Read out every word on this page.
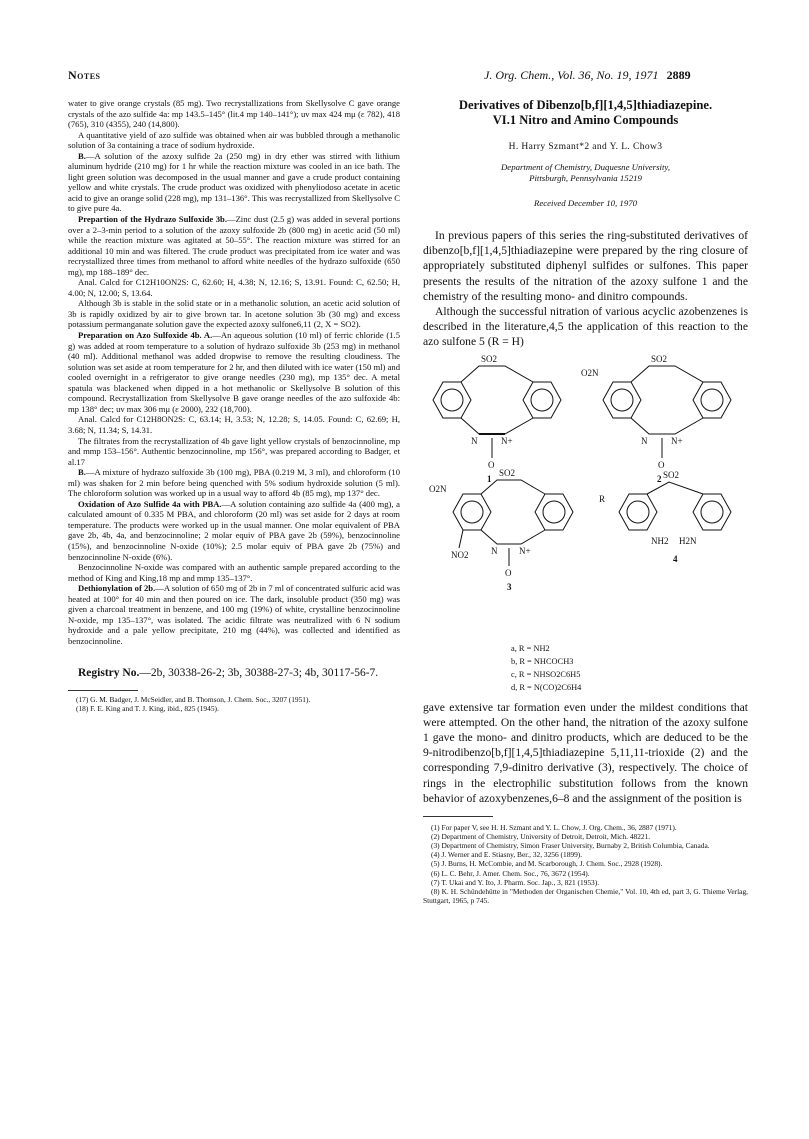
Notes	J. Org. Chem., Vol. 36, No. 19, 1971 2889

water to give orange crystals (85 mg). Two recrystallizations from Skellysolve C gave orange crystals of the azo sulfide 4a: mp 143.5–145° (lit.4 mp 140–141°); uv max 424 mμ (ε 782), 418 (765), 310 (4355), 240 (14,800).

A quantitative yield of azo sulfide was obtained when air was bubbled through a methanolic solution of 3a containing a trace of sodium hydroxide.

B.—A solution of the azoxy sulfide 2a (250 mg) in dry ether was stirred with lithium aluminum hydride (210 mg) for 1 hr while the reaction mixture was cooled in an ice bath. The light green solution was decomposed in the usual manner and gave a crude product containing yellow and white crystals. The crude product was oxidized with phenyliodoso acetate in acetic acid to give an orange solid (228 mg), mp 131–136°. This was recrystallized from Skellysolve C to give pure 4a.

Prepartion of the Hydrazo Sulfoxide 3b.—Zinc dust (2.5 g) was added in several portions over a 2–3-min period to a solution of the azoxy sulfoxide 2b (800 mg) in acetic acid (50 ml) while the reaction mixture was agitated at 50–55°. The reaction mixture was stirred for an additional 10 min and was filtered. The crude product was precipitated from ice water and was recrystallized three times from methanol to afford white needles of the hydrazo sulfoxide (650 mg), mp 188–189° dec.

Anal. Calcd for C12H10ON2S: C, 62.60; H, 4.38; N, 12.16; S, 13.91. Found: C, 62.50; H, 4.00; N, 12.00; S, 13.64.

Although 3b is stable in the solid state or in a methanolic solution, an acetic acid solution of 3b is rapidly oxidized by air to give brown tar. In acetone solution 3b (30 mg) and excess potassium permanganate solution gave the expected azoxy sulfone6,11 (2, X = SO2).

Preparation on Azo Sulfoxide 4b. A.—An aqueous solution (10 ml) of ferric chloride (1.5 g) was added at room temperature to a solution of hydrazo sulfoxide 3b (253 mg) in methanol (40 ml). Additional methanol was added dropwise to remove the resulting cloudiness. The solution was set aside at room temperature for 2 hr, and then diluted with ice water (150 ml) and cooled overnight in a refrigerator to give orange needles (230 mg), mp 135° dec. A metal spatula was blackened when dipped in a hot methanolic or Skellysolve B solution of this compound. Recrystallization from Skellysolve B gave orange needles of the azo sulfoxide 4b: mp 138° dec; uv max 306 mμ (ε 2000), 232 (18,700).

Anal. Calcd for C12H8ON2S: C, 63.14; H, 3.53; N, 12.28; S, 14.05. Found: C, 62.69; H, 3.68; N, 11.34; S, 14.31.

The filtrates from the recrystallization of 4b gave light yellow crystals of benzocinnoline, mp and mmp 153–156°. Authentic benzocinnoline, mp 156°, was prepared according to Badger, et al.17

B.—A mixture of hydrazo sulfoxide 3b (100 mg), PBA (0.219 M, 3 ml), and chloroform (10 ml) was shaken for 2 min before being quenched with 5% sodium hydroxide solution (5 ml). The chloroform solution was worked up in a usual way to afford 4b (85 mg), mp 137° dec.

Oxidation of Azo Sulfide 4a with PBA.—A solution containing azo sulfide 4a (400 mg), a calculated amount of 0.335 M PBA, and chloroform (20 ml) was set aside for 2 days at room temperature. The products were worked up in the usual manner. One molar equivalent of PBA gave 2b, 4b, 4a, and benzocinnoline; 2 molar equiv of PBA gave 2b (59%), benzocinnoline (15%), and benzocinnoline N-oxide (10%); 2.5 molar equiv of PBA gave 2b (75%) and benzocinnoline N-oxide (6%).

Benzocinnoline N-oxide was compared with an authentic sample prepared according to the method of King and King,18 mp and mmp 135–137°.

Dethionylation of 2b.—A solution of 650 mg of 2b in 7 ml of concentrated sulfuric acid was heated at 100° for 40 min and then poured on ice. The dark, insoluble product (350 mg) was given a charcoal treatment in benzene, and 100 mg (19%) of white, crystalline benzocinnoline N-oxide, mp 135–137°, was isolated. The acidic filtrate was neutralized with 6 N sodium hydroxide and a pale yellow precipitate, 210 mg (44%), was collected and identified as benzocinnoline.

Registry No.—2b, 30338-26-2; 3b, 30388-27-3; 4b, 30117-56-7.

(17) G. M. Badger, J. McSeidler, and B. Thomson, J. Chem. Soc., 3207 (1951).

(18) F. E. King and T. J. King, ibid., 825 (1945).

Derivatives of Dibenzo[b,f][1,4,5]thiadiazepine.

VI.1 Nitro and Amino Compounds

H. Harry Szmant*2 and Y. L. Chow3

Department of Chemistry, Duquesne University,
Pittsburgh, Pennsylvania 15219

Received December 10, 1970

In previous papers of this series the ring-substituted derivatives of dibenzo[b,f][1,4,5]thiadiazepine were prepared by the ring closure of appropriately substituted diphenyl sulfides or sulfones. This paper presents the results of the nitration of the azoxy sulfone 1 and the chemistry of the resulting mono- and dinitro compounds.

Although the successful nitration of various acyclic azobenzenes is described in the literature,4,5 the application of this reaction to the azo sulfone 5 (R = H)

SO2
N	N+
O
1
O2N
SO2
N	N+
O
2
O2N
SO2
NO2	N N+
O
3
R
SO2
NH2 H2N
4
a, R = NH2
b, R = NHCOCH3
c, R = NHSO2C6H5
d, R = N(CO)2C6H4

gave extensive tar formation even under the mildest conditions that were attempted. On the other hand, the nitration of the azoxy sulfone 1 gave the mono- and dinitro products, which are deduced to be the 9-nitrodibenzo[b,f][1,4,5]thiadiazepine 5,11,11-trioxide (2) and the corresponding 7,9-dinitro derivative (3), respectively. The choice of rings in the electrophilic substitution follows from the known behavior of azoxybenzenes,6–8 and the assignment of the position is

(1) For paper V, see H. H. Szmant and Y. L. Chow, J. Org. Chem., 36, 2887 (1971).

(2) Department of Chemistry, University of Detroit, Detroit, Mich. 48221.

(3) Department of Chemistry, Simon Fraser University, Burnaby 2, British Columbia, Canada.

(4) J. Werner and E. Stiasny, Ber., 32, 3256 (1899).

(5) J. Burns, H. McCombie, and M. Scarborough, J. Chem. Soc., 2928 (1928).

(6) L. C. Behr, J. Amer. Chem. Soc., 76, 3672 (1954).

(7) T. Ukai and Y. Ito, J. Pharm. Soc. Jap., 3, 821 (1953).

(8) K. H. Schündehütte in "Methoden der Organischen Chemie," Vol. 10, 4th ed, part 3, G. Thieme Verlag, Stuttgart, 1965, p 745.
